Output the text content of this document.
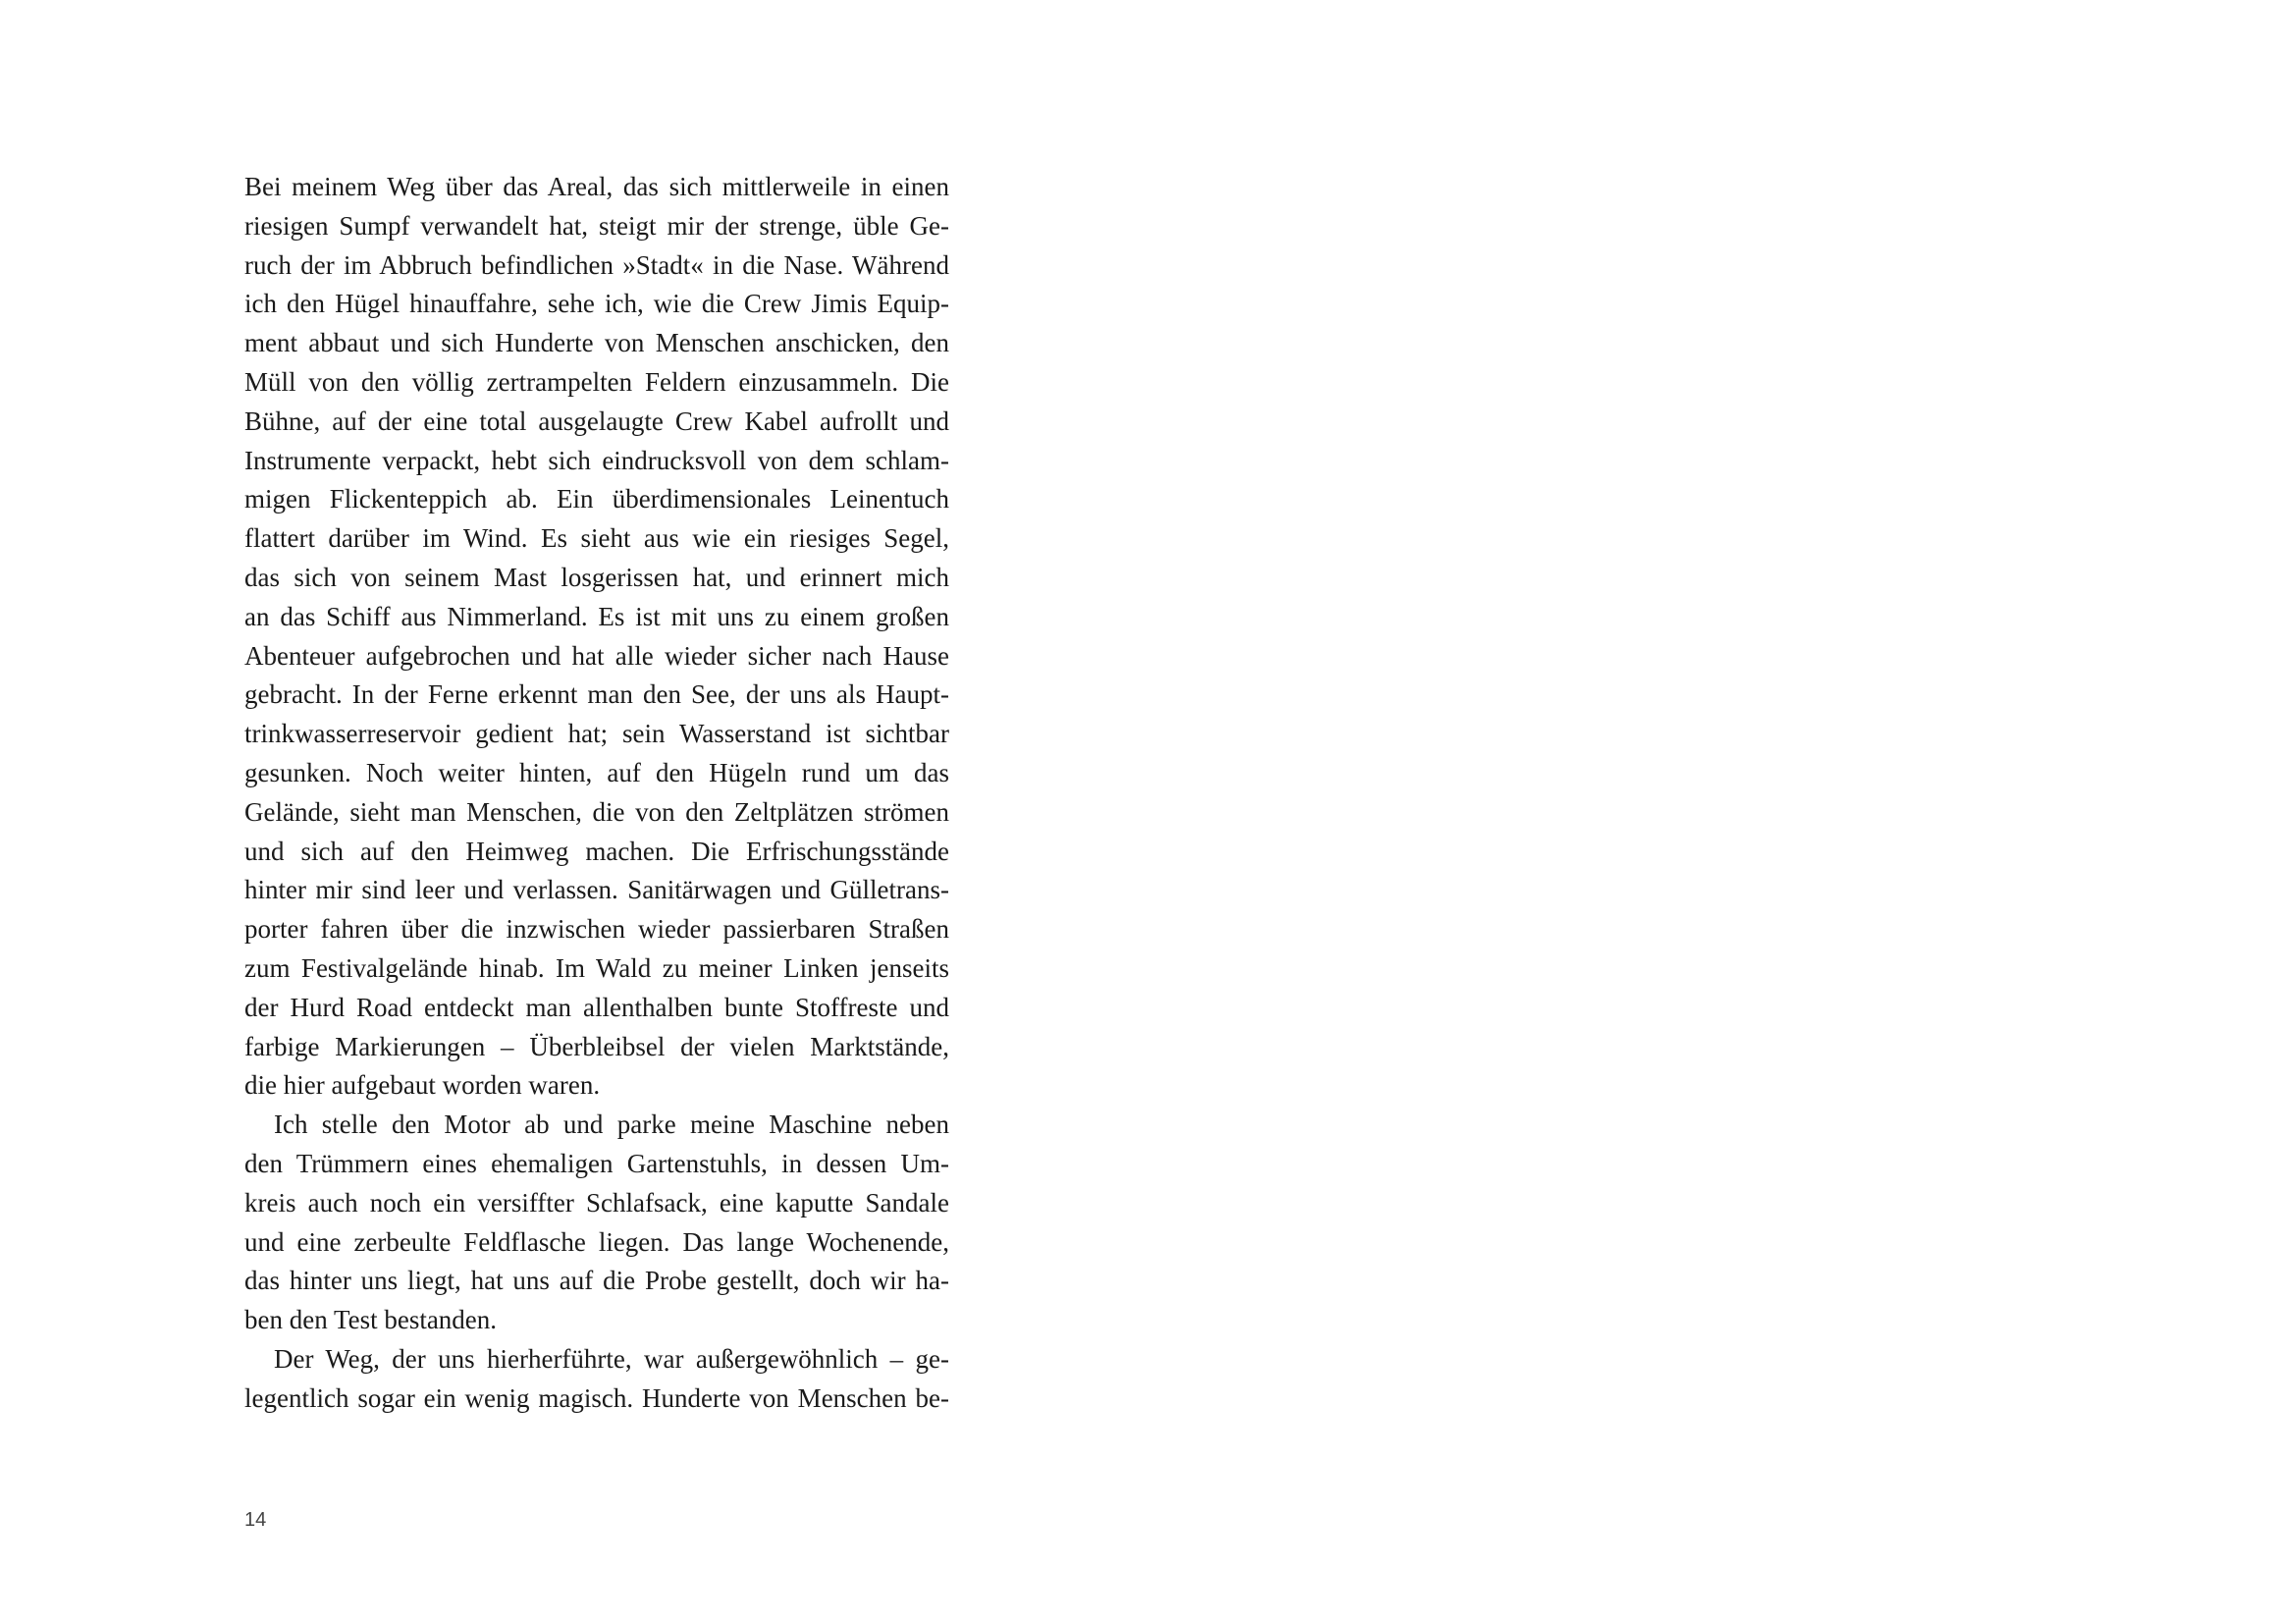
Bei meinem Weg über das Areal, das sich mittlerweile in einen
riesigen Sumpf verwandelt hat, steigt mir der strenge, üble Ge-
ruch der im Abbruch befindlichen »Stadt« in die Nase. Während
ich den Hügel hinauffahre, sehe ich, wie die Crew Jimis Equip-
ment abbaut und sich Hunderte von Menschen anschicken, den
Müll von den völlig zertrampelten Feldern einzusammeln. Die
Bühne, auf der eine total ausgelaugte Crew Kabel aufrollt und
Instrumente verpackt, hebt sich eindrucksvoll von dem schlam-
migen Flickenteppich ab. Ein überdimensionales Leinentuch
flattert darüber im Wind. Es sieht aus wie ein riesiges Segel,
das sich von seinem Mast losgerissen hat, und erinnert mich
an das Schiff aus Nimmerland. Es ist mit uns zu einem großen
Abenteuer aufgebrochen und hat alle wieder sicher nach Hause
gebracht. In der Ferne erkennt man den See, der uns als Haupt-
trinkwasserreservoir gedient hat; sein Wasserstand ist sichtbar
gesunken. Noch weiter hinten, auf den Hügeln rund um das
Gelände, sieht man Menschen, die von den Zeltplätzen strömen
und sich auf den Heimweg machen. Die Erfrischungsstände
hinter mir sind leer und verlassen. Sanitärwagen und Gülletrans-
porter fahren über die inzwischen wieder passierbaren Straßen
zum Festivalgelände hinab. Im Wald zu meiner Linken jenseits
der Hurd Road entdeckt man allenthalben bunte Stoffreste und
farbige Markierungen – Überbleibsel der vielen Marktstände,
die hier aufgebaut worden waren.
Ich stelle den Motor ab und parke meine Maschine neben
den Trümmern eines ehemaligen Gartenstuhls, in dessen Um-
kreis auch noch ein versiffter Schlafsack, eine kaputte Sandale
und eine zerbeulte Feldflasche liegen. Das lange Wochenende,
das hinter uns liegt, hat uns auf die Probe gestellt, doch wir ha-
ben den Test bestanden.
Der Weg, der uns hierherführte, war außergewöhnlich – ge-
legentlich sogar ein wenig magisch. Hunderte von Menschen be-
14
